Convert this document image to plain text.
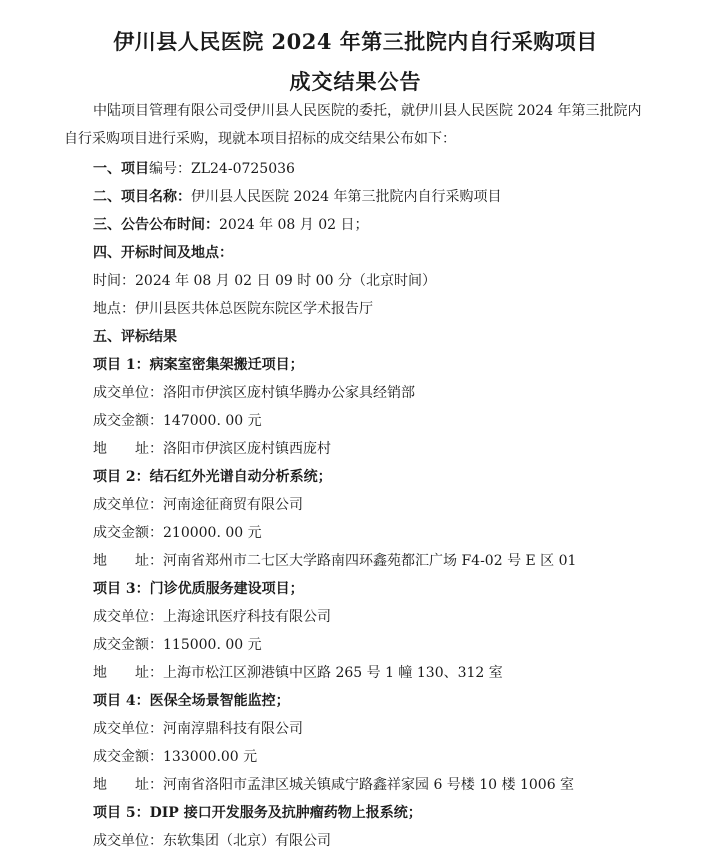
伊川县人民医院 2024 年第三批院内自行采购项目
成交结果公告
中陆项目管理有限公司受伊川县人民医院的委托，就伊川县人民医院 2024 年第三批院内
自行采购项目进行采购，现就本项目招标的成交结果公布如下：
一、项目编号：ZL24-0725036
二、项目名称：伊川县人民医院 2024 年第三批院内自行采购项目
三、公告公布时间：2024 年 08 月 02 日；
四、开标时间及地点：
时间：2024 年 08 月 02 日 09 时 00 分（北京时间）
地点：伊川县医共体总医院东院区学术报告厅
五、评标结果
项目 1：病案室密集架搬迁项目；
成交单位：洛阳市伊滨区庞村镇华腾办公家具经销部
成交金额：147000. 00 元
地　　址：洛阳市伊滨区庞村镇西庞村
项目 2：结石红外光谱自动分析系统；
成交单位：河南途征商贸有限公司
成交金额：210000. 00 元
地　　址：河南省郑州市二七区大学路南四环鑫苑都汇广场 F4-02 号 E 区 01
项目 3：门诊优质服务建设项目；
成交单位：上海途讯医疗科技有限公司
成交金额：115000. 00 元
地　　址：上海市松江区泖港镇中区路 265 号 1 幢 130、312 室
项目 4：医保全场景智能监控；
成交单位：河南淳鼎科技有限公司
成交金额：133000.00 元
地　　址：河南省洛阳市孟津区城关镇咸宁路鑫祥家园 6 号楼 10 楼 1006 室
项目 5：DIP 接口开发服务及抗肿瘤药物上报系统；
成交单位：东软集团（北京）有限公司
